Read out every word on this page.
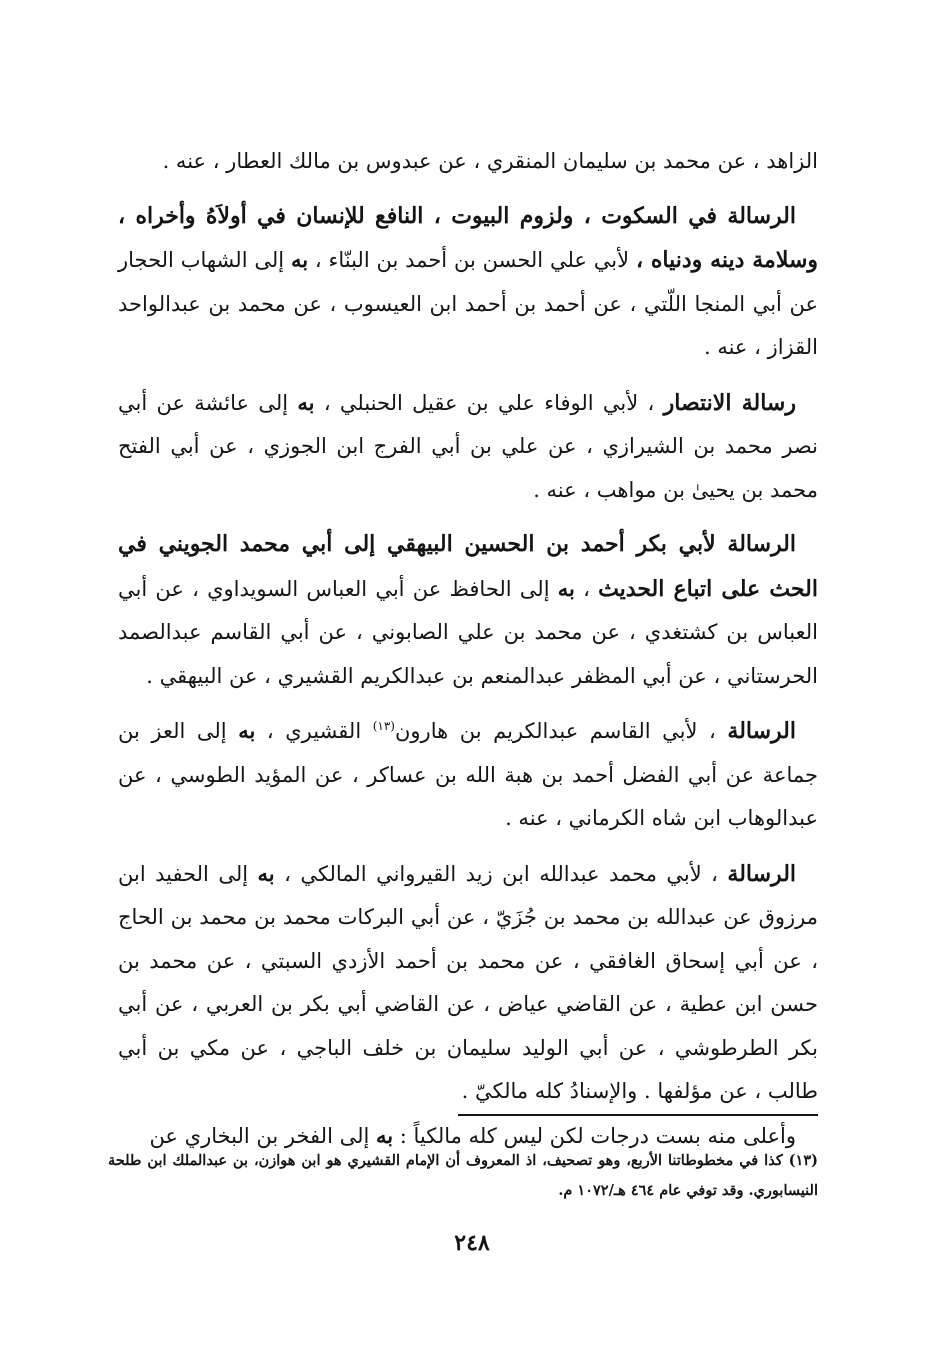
الزاهد ، عن محمد بن سليمان المنقري ، عن عبدوس بن مالك العطار ، عنه .

الرسالة في السكوت ، ولزوم البيوت ، النافع للإنسان في أولاَهُ وأخراه ، وسلامة دينه ودنياه ، لأبي علي الحسن بن أحمد بن البنّاء ، به إلى الشهاب الحجار عن أبي المنجا اللّتي ، عن أحمد بن أحمد ابن العيسوب ، عن محمد بن عبدالواحد القزاز ، عنه .

رسالة الانتصار ، لأبي الوفاء علي بن عقيل الحنبلي ، به إلى عائشة عن أبي نصر محمد بن الشيرازي ، عن علي بن أبي الفرج ابن الجوزي ، عن أبي الفتح محمد بن يحيىٰ بن مواهب ، عنه .

الرسالة لأبي بكر أحمد بن الحسين البيهقي إلى أبي محمد الجويني في الحث على اتباع الحديث ، به إلى الحافظ عن أبي العباس السويداوي ، عن أبي العباس بن كشتغدي ، عن محمد بن علي الصابوني ، عن أبي القاسم عبدالصمد الحرستاني ، عن أبي المظفر عبدالمنعم بن عبدالكريم القشيري ، عن البيهقي .

الرسالة ، لأبي القاسم عبدالكريم بن هارون$^{(١٣)}$ القشيري ، به إلى العز بن جماعة عن أبي الفضل أحمد بن هبة الله بن عساكر ، عن المؤيد الطوسي ، عن عبدالوهاب ابن شاه الكرماني ، عنه .

الرسالة ، لأبي محمد عبدالله ابن زيد القيرواني المالكي ، به إلى الحفيد ابن مرزوق عن عبدالله بن محمد بن جُزَيّ ، عن أبي البركات محمد بن محمد بن الحاج ، عن أبي إسحاق الغافقي ، عن محمد بن أحمد الأزدي السبتي ، عن محمد بن حسن ابن عطية ، عن القاضي عياض ، عن القاضي أبي بكر بن العربي ، عن أبي بكر الطرطوشي ، عن أبي الوليد سليمان بن خلف الباجي ، عن مكي بن أبي طالب ، عن مؤلفها . والإسنادُ كله مالكيّ .

وأعلى منه بست درجات لكن ليس كله مالكياً : به إلى الفخر بن البخاري عن

(١٣) كذا في مخطوطاتنا الأربع، وهو تصحيف، اذ المعروف أن الإمام القشيري هو ابن هوازن، بن عبدالملك ابن طلحة النيسابوري. وقد توفي عام ٤٦٤ هـ/١٠٧٢ م.
٢٤٨
